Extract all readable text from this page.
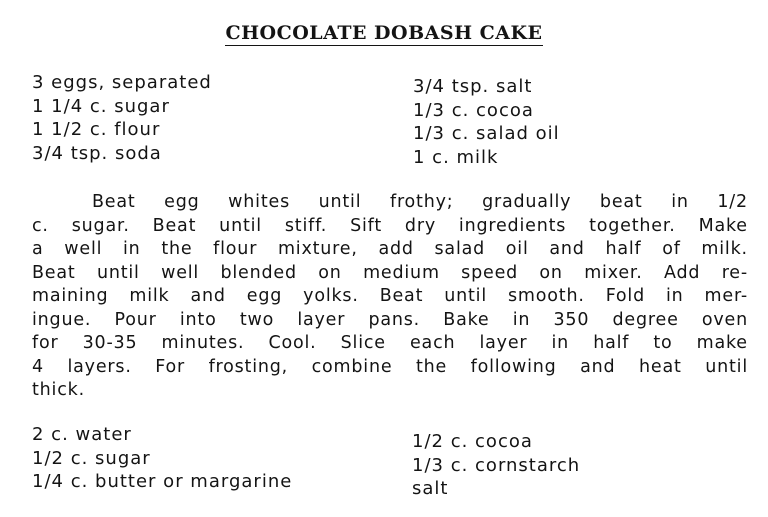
CHOCOLATE DOBASH CAKE
3 eggs, separated
1 1/4 c. sugar
1 1/2 c. flour
3/4 tsp. soda
3/4 tsp. salt
1/3 c. cocoa
1/3 c. salad oil
1 c. milk
Beat egg whites until frothy; gradually beat in 1/2
c. sugar. Beat until stiff. Sift dry ingredients together. Make
a well in the flour mixture, add salad oil and half of milk.
Beat until well blended on medium speed on mixer. Add re-
maining milk and egg yolks. Beat until smooth. Fold in mer-
ingue. Pour into two layer pans. Bake in 350 degree oven
for 30-35 minutes. Cool. Slice each layer in half to make
4 layers. For frosting, combine the following and heat until
thick.
2 c. water
1/2 c. sugar
1/4 c. butter or margarine
1/2 c. cocoa
1/3 c. cornstarch
salt
